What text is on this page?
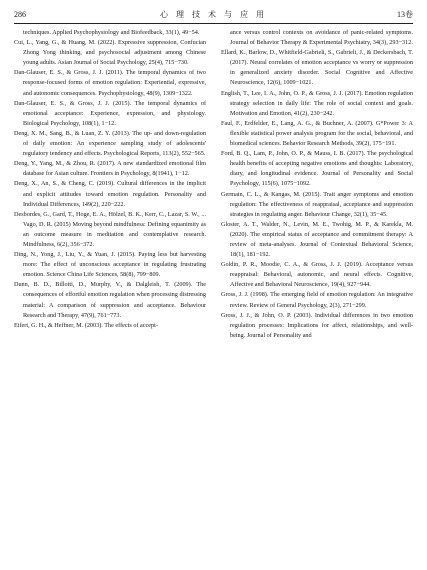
286	心 理 技 术 与 应 用	13卷
techniques. Applied Psychophysiology and Biofeedback, 33(1), 49−54.
Cui, L., Yang, G., & Huang, M. (2022). Expressive suppression, Confucian Zhong Yong thinking, and psychosocial adjustment among Chinese young adults. Asian Journal of Social Psychology, 25(4), 715−730.
Dan-Glauser, E. S., & Gross, J. J. (2011). The temporal dynamics of two response-focused forms of emotion regulation: Experiential, expressive, and autonomic consequences. Psychophysiology, 48(9), 1309−1322.
Dan-Glauser, E. S., & Gross, J. J. (2015). The temporal dynamics of emotional acceptance: Experience, expression, and physiology. Biological Psychology, 108(1), 1−12.
Deng, X. M., Sang, B., & Luan, Z. Y. (2013). The up- and down-regulation of daily emotion: An experience sampling study of adolescents' regulatory tendency and effects. Psychological Reports, 113(2), 552−565.
Deng, Y., Yang, M., & Zhou, R. (2017). A new standardized emotional film database for Asian culture. Frontiers in Psychology, 8(1941), 1−12.
Deng, X., An, S., & Cheng, C. (2019). Cultural differences in the implicit and explicit attitudes toward emotion regulation. Personality and Individual Differences, 149(2), 220−222.
Desbordes, G., Gard, T., Hoge, E. A., Hölzel, B. K., Kerr, C., Lazar, S. W., ... Vago, D. R. (2015) Moving beyond mindfulness: Defining equanimity as an outcome measure in meditation and contemplative research. Mindfulness, 6(2), 356−372.
Ding, N., Yong, J., Liu, Y., & Yuan, J. (2015). Paying less but harvesting more: The effect of unconscious acceptance in regulating frustrating emotion. Science China Life Sciences, 58(8), 799−809.
Dunn, B. D., Billotti, D., Murphy, V., & Dalgleish, T. (2009). The consequences of effortful emotion regulation when processing distressing material: A comparison of suppression and acceptance. Behaviour Research and Therapy, 47(9), 761−773.
Eifert, G. H., & Heffner, M. (2003). The effects of accept-
ance versus control contexts on avoidance of panic-related symptoms. Journal of Behavior Therapy & Experimental Psychiatry, 34(3), 293−312.
Ellard, K., Barlow, D., Whitfield-Gabrieli, S., Gabrieli, J., & Deckersbach, T. (2017). Neural correlates of emotion acceptance vs worry or suppression in generalized anxiety disorder. Social Cognitive and Affective Neuroscience, 12(6), 1009−1021.
English, T., Lee, I. A., John, O. P., & Gross, J. J. (2017). Emotion regulation strategy selection in daily life: The role of social context and goals. Motivation and Emotion, 41(2), 230−242.
Faul, F., Erdfelder, E., Lang, A. G., & Buchner, A. (2007). G*Power 3: A flexible statistical power analysis program for the social, behavioral, and biomedical sciences. Behavior Research Methods, 39(2), 175−191.
Ford, B. Q., Lam, P., John, O. P., & Mauss, I. B. (2017). The psychological health benefits of accepting negative emotions and thoughts: Laboratory, diary, and longitudinal evidence. Journal of Personality and Social Psychology, 115(6), 1075−1092.
Germain, C. L., & Kangas, M. (2015). Trait anger symptoms and emotion regulation: The effectiveness of reappraisal, acceptance and suppression strategies in regulating anger. Behaviour Change, 32(1), 35−45.
Gloster, A. T., Walder, N., Levin, M. E., Twohig, M. P., & Karekla, M. (2020). The empirical status of acceptance and commitment therapy: A review of meta-analyses. Journal of Contextual Behavioral Science, 18(1), 181−192.
Goldin, P. R., Moodie, C. A., & Gross, J. J. (2019). Acceptance versus reappraisal: Behavioral, autonomic, and neural effects. Cognitive, Affective and Behavioral Neuroscience, 19(4), 927−944.
Gross, J. J. (1998). The emerging field of emotion regulation: An integrative review. Review of General Psychology, 2(3), 271−299.
Gross, J. J., & John, O. P. (2003). Individual differences in two emotion regulation processes: Implications for affect, relationships, and well-being. Journal of Personality and
